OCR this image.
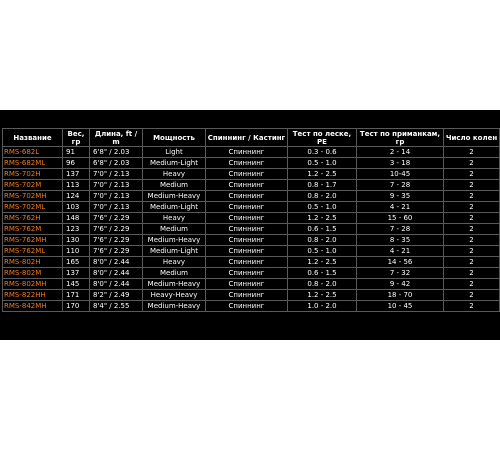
Название	Вес, гр	Длина, ft / m	Мощность	Спиннинг / Кастинг	Тест по леске, PE	Тест по приманкам, гр	Число колен
RMS-682L	91	6'8" / 2.03	Light	Спиннинг	0.3 - 0.6	2 - 14	2
RMS-682ML	96	6'8" / 2.03	Medium-Light	Спиннинг	0.5 - 1.0	3 - 18	2
RMS-702H	137	7'0" / 2.13	Heavy	Спиннинг	1.2 - 2.5	10-45	2
RMS-702M	113	7'0" / 2.13	Medium	Спиннинг	0.8 - 1.7	7 - 28	2
RMS-702MH	124	7'0" / 2.13	Medium-Heavy	Спиннинг	0.8 - 2.0	9 - 35	2
RMS-702ML	103	7'0" / 2.13	Medium-Light	Спиннинг	0.5 - 1.0	4 - 21	2
RMS-762H	148	7'6" / 2.29	Heavy	Спиннинг	1.2 - 2.5	15 - 60	2
RMS-762M	123	7'6" / 2.29	Medium	Спиннинг	0.6 - 1.5	7 - 28	2
RMS-762MH	130	7'6" / 2.29	Medium-Heavy	Спиннинг	0.8 - 2.0	8 - 35	2
RMS-762ML	110	7'6" / 2.29	Medium-Light	Спиннинг	0.5 - 1.0	4 - 21	2
RMS-802H	165	8'0" / 2.44	Heavy	Спиннинг	1.2 - 2.5	14 - 56	2
RMS-802M	137	8'0" / 2.44	Medium	Спиннинг	0.6 - 1.5	7 - 32	2
RMS-802MH	145	8'0" / 2.44	Medium-Heavy	Спиннинг	0.8 - 2.0	9 - 42	2
RMS-822HH	171	8'2" / 2.49	Heavy-Heavy	Спиннинг	1.2 - 2.5	18 - 70	2
RMS-842MH	170	8'4" / 2.55	Medium-Heavy	Спиннинг	1.0 - 2.0	10 - 45	2
